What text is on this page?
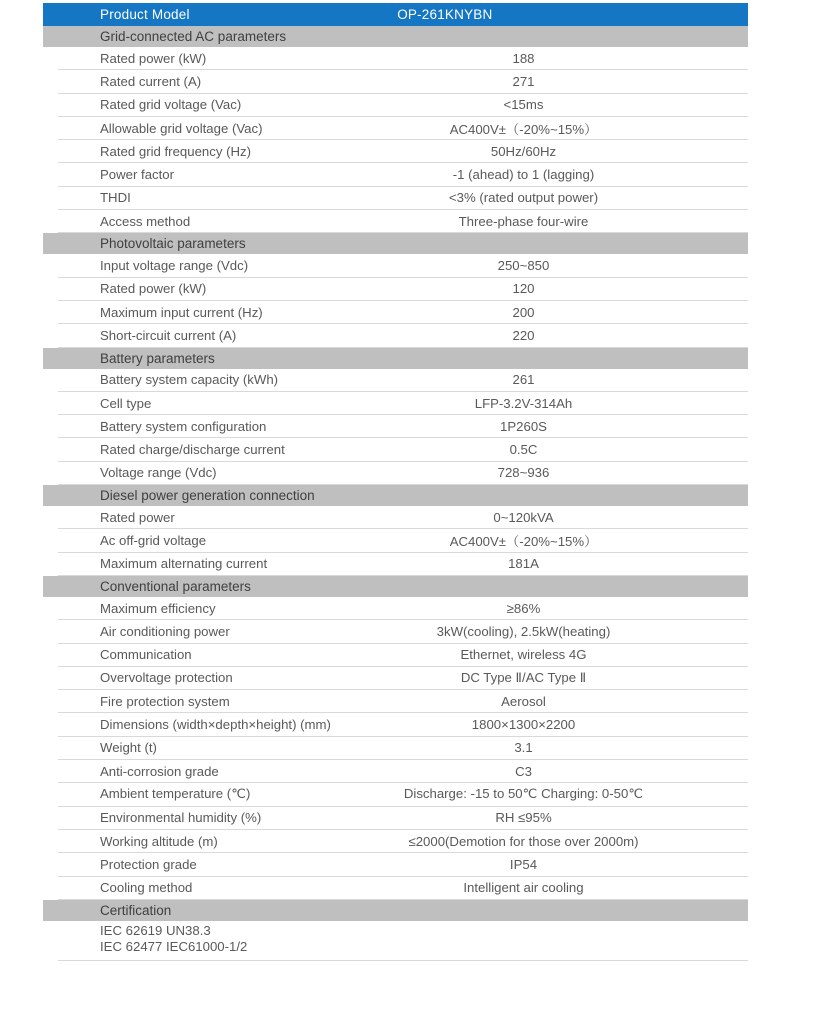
Product Model	OP-261KNYBN
Grid-connected AC parameters
Rated power (kW)	188
Rated current (A)	271
Rated grid voltage (Vac)	<15ms
Allowable grid voltage (Vac)	AC400V±（-20%~15%）
Rated grid frequency (Hz)	50Hz/60Hz
Power factor	-1 (ahead) to 1 (lagging)
THDI	<3% (rated output power)
Access method	Three-phase four-wire
Photovoltaic parameters
Input voltage range (Vdc)	250~850
Rated power (kW)	120
Maximum input current (Hz)	200
Short-circuit current (A)	220
Battery parameters
Battery system capacity (kWh)	261
Cell type	LFP-3.2V-314Ah
Battery system configuration	1P260S
Rated charge/discharge current	0.5C
Voltage range (Vdc)	728~936
Diesel power generation connection
Rated power	0~120kVA
Ac off-grid voltage	AC400V±（-20%~15%）
Maximum alternating current	181A
Conventional parameters
Maximum efficiency	≥86%
Air conditioning power	3kW(cooling), 2.5kW(heating)
Communication	Ethernet, wireless 4G
Overvoltage protection	DC Type Ⅱ/AC Type Ⅱ
Fire protection system	Aerosol
Dimensions (width×depth×height) (mm)	1800×1300×2200
Weight (t)	3.1
Anti-corrosion grade	C3
Ambient temperature (℃)	Discharge: -15 to 50℃ Charging: 0-50℃
Environmental humidity (%)	RH ≤95%
Working altitude (m)	≤2000(Demotion for those over 2000m)
Protection grade	IP54
Cooling method	Intelligent air cooling
Certification
IEC 62619 UN38.3
IEC 62477 IEC61000-1/2
